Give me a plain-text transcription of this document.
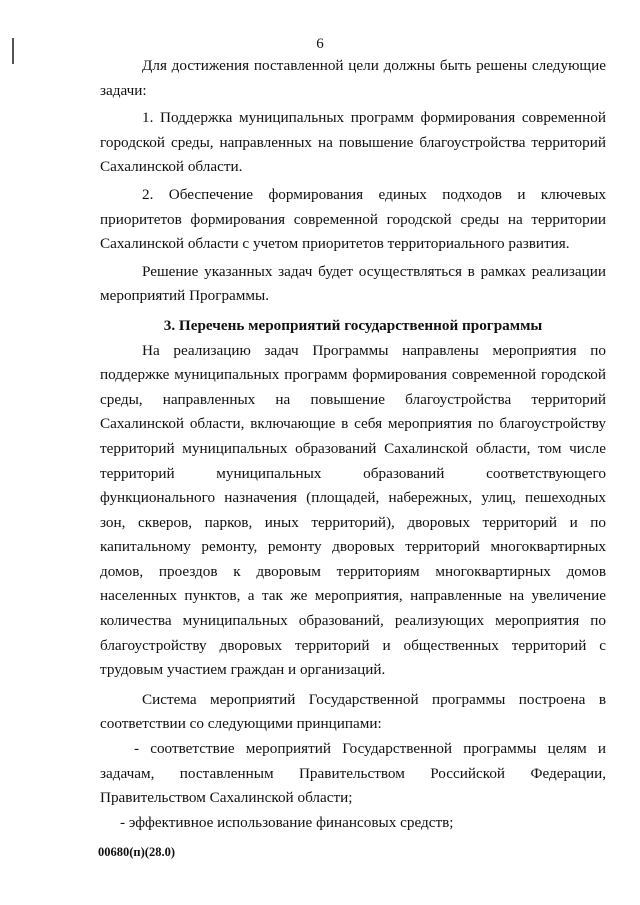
6

Для достижения поставленной цели должны быть решены следующие задачи:

1. Поддержка муниципальных программ формирования современной городской среды, направленных на повышение благоустройства территорий Сахалинской области.

2. Обеспечение формирования единых подходов и ключевых приоритетов формирования современной городской среды на территории Сахалинской области с учетом приоритетов территориального развития.

Решение указанных задач будет осуществляться в рамках реализации мероприятий Программы.

3. Перечень мероприятий государственной программы

На реализацию задач Программы направлены мероприятия по поддержке муниципальных программ формирования современной городской среды, направленных на повышение благоустройства территорий Сахалинской области, включающие в себя мероприятия по благоустройству территорий муниципальных образований Сахалинской области, том числе территорий муниципальных образований соответствующего функционального назначения (площадей, набережных, улиц, пешеходных зон, скверов, парков, иных территорий), дворовых территорий и по капитальному ремонту, ремонту дворовых территорий многоквартирных домов, проездов к дворовым территориям многоквартирных домов населенных пунктов, а так же мероприятия, направленные на увеличение количества муниципальных образований, реализующих мероприятия по благоустройству дворовых территорий и общественных территорий с трудовым участием граждан и организаций.

Система мероприятий Государственной программы построена в соответствии со следующими принципами:

- соответствие мероприятий Государственной программы целям и задачам, поставленным Правительством Российской Федерации, Правительством Сахалинской области;

- эффективное использование финансовых средств;

00680(п)(28.0)
